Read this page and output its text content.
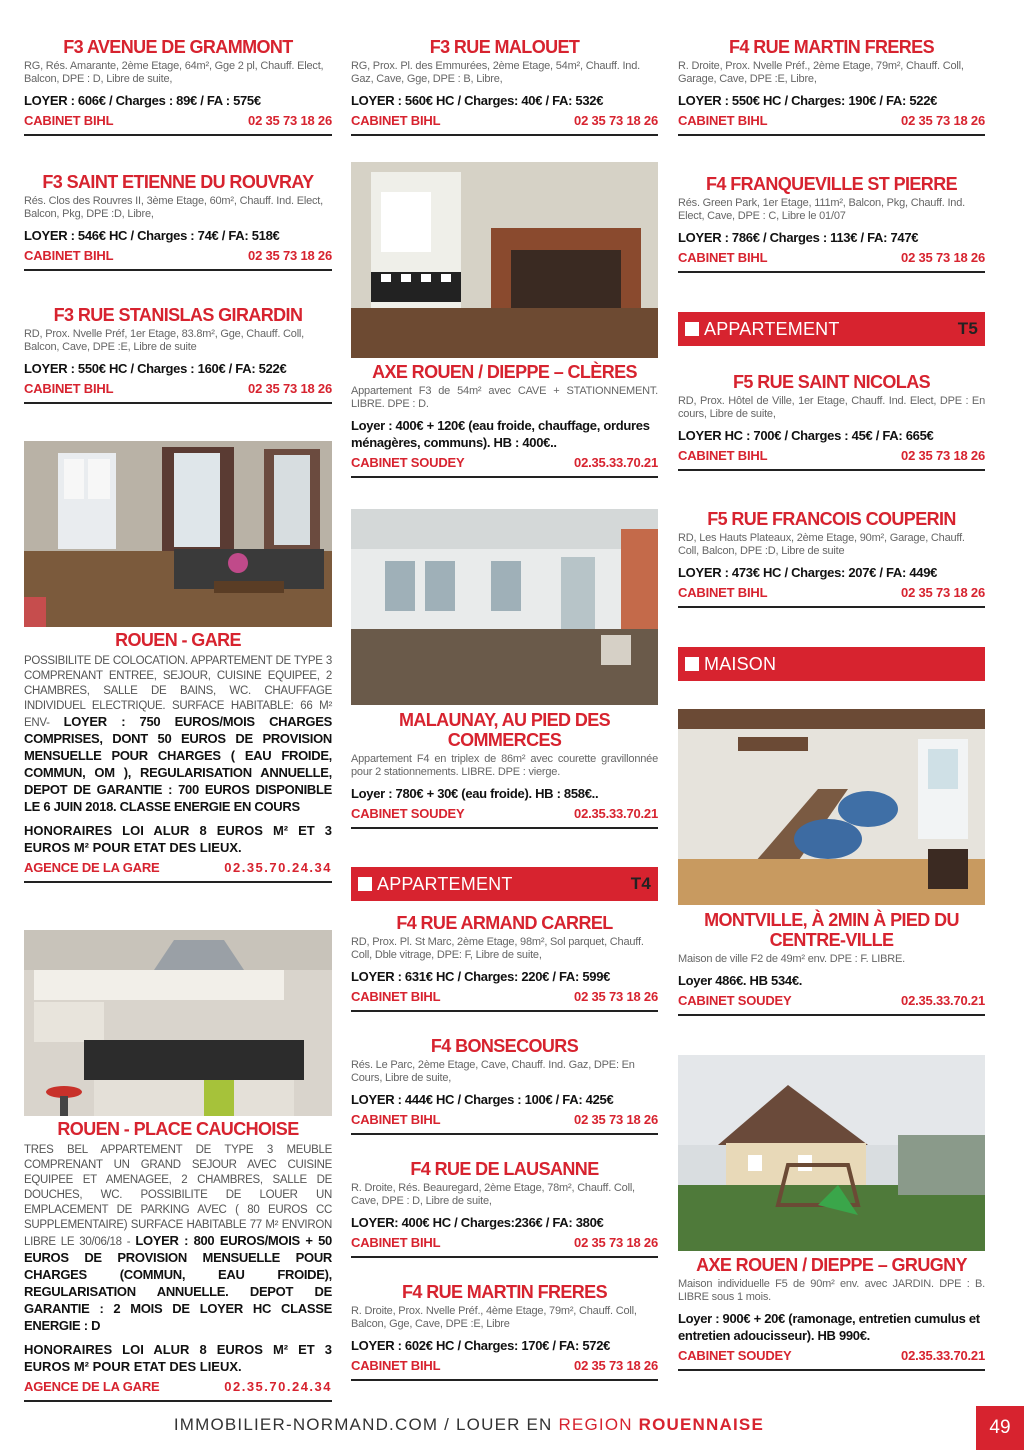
F3 AVENUE DE GRAMMONT
RG, Rés. Amarante, 2ème Etage, 64m², Gge 2 pl, Chauff. Elect, Balcon, DPE : D, Libre de suite,
LOYER : 606€ / Charges : 89€ / FA : 575€
CABINET BIHL	02 35 73 18 26
F3 SAINT ETIENNE DU ROUVRAY
Rés. Clos des Rouvres II, 3ème Etage, 60m², Chauff. Ind. Elect, Balcon, Pkg, DPE :D, Libre,
LOYER : 546€ HC / Charges : 74€ / FA: 518€
CABINET BIHL	02 35 73 18 26
F3 RUE STANISLAS GIRARDIN
RD, Prox. Nvelle Préf, 1er Etage, 83.8m², Gge, Chauff. Coll, Balcon, Cave, DPE :E, Libre de suite
LOYER : 550€ HC / Charges : 160€ / FA: 522€
CABINET BIHL	02 35 73 18 26
ROUEN - GARE
POSSIBILITE DE COLOCATION. APPARTEMENT DE TYPE 3 COMPRENANT ENTREE, SEJOUR, CUISINE EQUIPEE, 2 CHAMBRES, SALLE DE BAINS, WC. CHAUFFAGE INDIVIDUEL ELECTRIQUE. SURFACE HABITABLE: 66 M² ENV- LOYER : 750 EUROS/MOIS CHARGES COMPRISES, DONT 50 EUROS DE PROVISION MENSUELLE POUR CHARGES ( EAU FROIDE, COMMUN, OM ), REGULARISATION ANNUELLE, DEPOT DE GARANTIE : 700 EUROS DISPONIBLE LE 6 JUIN 2018. CLASSE ENERGIE EN COURS
HONORAIRES LOI ALUR 8 EUROS M² ET 3 EUROS M² POUR ETAT DES LIEUX.
AGENCE DE LA GARE	02.35.70.24.34
ROUEN - PLACE CAUCHOISE
TRES BEL APPARTEMENT DE TYPE 3 MEUBLE COMPRENANT UN GRAND SEJOUR AVEC CUISINE EQUIPEE ET AMENAGEE, 2 CHAMBRES, SALLE DE DOUCHES, WC. POSSIBILITE DE LOUER UN EMPLACEMENT DE PARKING AVEC ( 80 EUROS CC SUPPLEMENTAIRE) SURFACE HABITABLE 77 M² ENVIRON LIBRE LE 30/06/18 - LOYER : 800 EUROS/MOIS + 50 EUROS DE PROVISION MENSUELLE POUR CHARGES (COMMUN, EAU FROIDE), REGULARISATION ANNUELLE. DEPOT DE GARANTIE : 2 MOIS DE LOYER HC CLASSE ENERGIE : D
HONORAIRES LOI ALUR 8 EUROS M² ET 3 EUROS M² POUR ETAT DES LIEUX.
AGENCE DE LA GARE	02.35.70.24.34
F3 RUE MALOUET
RG, Prox. Pl. des Emmurées, 2ème Etage, 54m², Chauff. Ind. Gaz, Cave, Gge, DPE : B, Libre,
LOYER : 560€ HC / Charges: 40€ / FA: 532€
CABINET BIHL	02 35 73 18 26
AXE ROUEN / DIEPPE – CLÈRES
Appartement F3 de 54m² avec CAVE + STATIONNEMENT. LIBRE. DPE : D.
Loyer : 400€ + 120€ (eau froide, chauffage, ordures ménagères, communs). HB : 400€..
CABINET SOUDEY	02.35.33.70.21
MALAUNAY, AU PIED DES COMMERCES
Appartement F4 en triplex de 86m² avec courette gravillonnée pour 2 stationnements. LIBRE. DPE : vierge.
Loyer : 780€ + 30€ (eau froide). HB : 858€..
CABINET SOUDEY	02.35.33.70.21
APPARTEMENT	T4
F4 RUE ARMAND CARREL
RD, Prox. Pl. St Marc, 2ème Etage, 98m², Sol parquet, Chauff. Coll, Dble vitrage, DPE: F, Libre de suite,
LOYER : 631€ HC / Charges: 220€ / FA: 599€
CABINET BIHL	02 35 73 18 26
F4 BONSECOURS
Rés. Le Parc, 2ème Etage, Cave, Chauff. Ind. Gaz, DPE: En Cours, Libre de suite,
LOYER : 444€ HC / Charges : 100€ / FA: 425€
CABINET BIHL	02 35 73 18 26
F4 RUE DE LAUSANNE
R. Droite, Rés. Beauregard, 2ème Etage, 78m², Chauff. Coll, Cave, DPE : D, Libre de suite,
LOYER: 400€ HC / Charges:236€ / FA: 380€
CABINET BIHL	02 35 73 18 26
F4 RUE MARTIN FRERES
R. Droite, Prox. Nvelle Préf., 4ème Etage, 79m², Chauff. Coll, Balcon, Gge, Cave, DPE :E, Libre
LOYER : 602€ HC / Charges: 170€ / FA: 572€
CABINET BIHL	02 35 73 18 26
F4 RUE MARTIN FRERES
R. Droite, Prox. Nvelle Préf., 2ème Etage, 79m², Chauff. Coll, Garage, Cave, DPE :E, Libre,
LOYER : 550€ HC / Charges: 190€ / FA: 522€
CABINET BIHL	02 35 73 18 26
F4 FRANQUEVILLE ST PIERRE
Rés. Green Park, 1er Etage, 111m², Balcon, Pkg, Chauff. Ind. Elect, Cave, DPE : C, Libre le 01/07
LOYER : 786€ / Charges : 113€ / FA: 747€
CABINET BIHL	02 35 73 18 26
APPARTEMENT	T5
F5 RUE SAINT NICOLAS
RD, Prox. Hôtel de Ville, 1er Etage, Chauff. Ind. Elect, DPE : En cours, Libre de suite,
LOYER HC : 700€ / Charges : 45€ / FA: 665€
CABINET BIHL	02 35 73 18 26
F5 RUE FRANCOIS COUPERIN
RD, Les Hauts Plateaux, 2ème Etage, 90m², Garage, Chauff. Coll, Balcon, DPE :D, Libre de suite
LOYER : 473€ HC / Charges: 207€ / FA: 449€
CABINET BIHL	02 35 73 18 26
MAISON
MONTVILLE, À 2MIN À PIED DU CENTRE-VILLE
Maison de ville F2 de 49m² env. DPE : F. LIBRE.
Loyer 486€. HB 534€.
CABINET SOUDEY	02.35.33.70.21
AXE ROUEN / DIEPPE – GRUGNY
Maison individuelle F5 de 90m² env. avec JARDIN. DPE : B. LIBRE sous 1 mois.
Loyer : 900€ + 20€ (ramonage, entretien cumulus et entretien adoucisseur). HB 990€.
CABINET SOUDEY	02.35.33.70.21
IMMOBILIER-NORMAND.COM / LOUER EN REGION ROUENNAISE	49
